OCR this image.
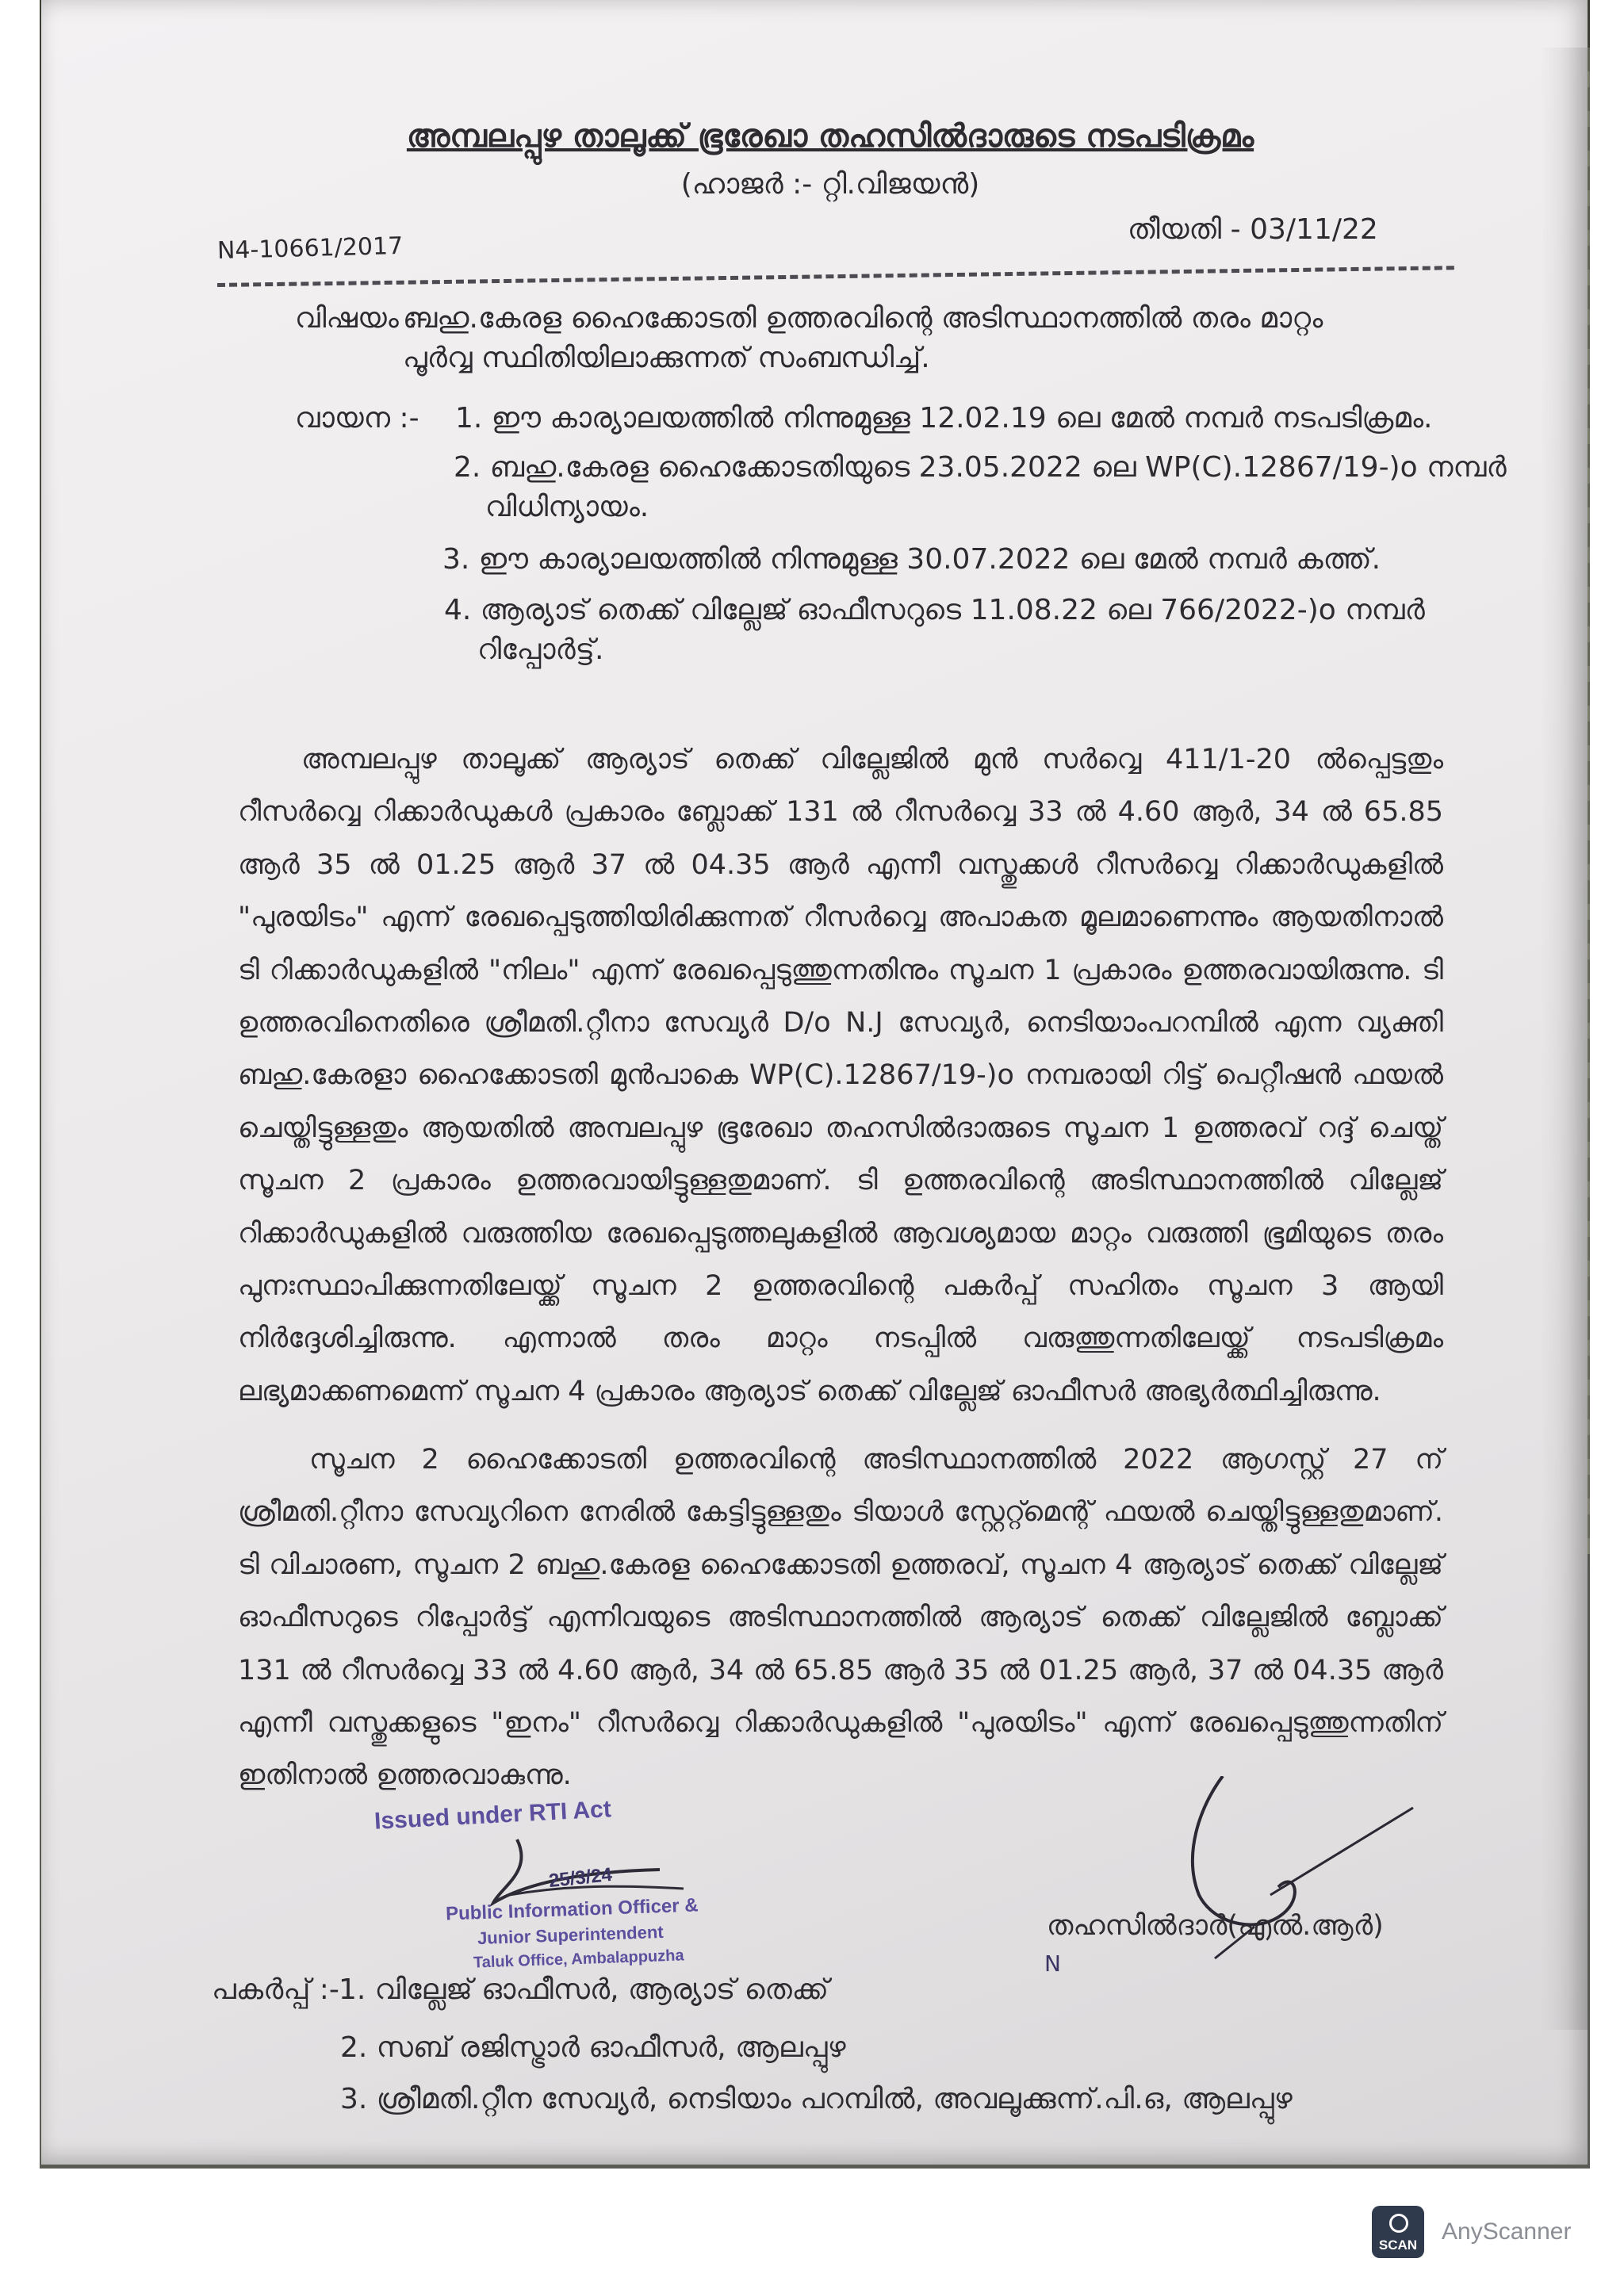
അമ്പലപ്പുഴ താലൂക്ക് ഭൂരേഖാ തഹസിൽദാരുടെ നടപടിക്രമം

(ഹാജർ :- റ്റി.വിജയൻ)

തീയതി - 03/11/22

N4-10661/2017

വിഷയം :-

ബഹു.കേരള ഹൈക്കോടതി ഉത്തരവിന്റെ അടിസ്ഥാനത്തിൽ തരം മാറ്റം

പൂർവ്വ സ്ഥിതിയിലാക്കുന്നത് സംബന്ധിച്ച്.

വായന :- 1. ഈ കാര്യാലയത്തിൽ നിന്നുമുള്ള 12.02.19 ലെ മേൽ നമ്പർ നടപടിക്രമം.

2. ബഹു.കേരള ഹൈക്കോടതിയുടെ 23.05.2022 ലെ WP(C).12867/19-)o നമ്പർ

വിധിന്യായം.

3. ഈ കാര്യാലയത്തിൽ നിന്നുമുള്ള 30.07.2022 ലെ മേൽ നമ്പർ കത്ത്.

4. ആര്യാട് തെക്ക് വില്ലേജ് ഓഫീസറുടെ 11.08.22 ലെ 766/2022-)o നമ്പർ

റിപ്പോർട്ട്.

അമ്പലപ്പുഴ താലൂക്ക് ആര്യാട് തെക്ക് വില്ലേജിൽ മുൻ സർവ്വെ 411/1-20 ൽപ്പെട്ടതും റീസർവ്വെ റിക്കാർഡുകൾ പ്രകാരം ബ്ലോക്ക് 131 ൽ റീസർവ്വെ 33 ൽ 4.60 ആർ, 34 ൽ 65.85 ആർ 35 ൽ 01.25 ആർ 37 ൽ 04.35 ആർ എന്നീ വസ്തുക്കൾ റീസർവ്വെ റിക്കാർഡുകളിൽ "പുരയിടം" എന്ന് രേഖപ്പെടുത്തിയിരിക്കുന്നത് റീസർവ്വെ അപാകത മൂലമാണെന്നും ആയതിനാൽ ടി റിക്കാർഡുകളിൽ "നിലം" എന്ന് രേഖപ്പെടുത്തുന്നതിനും സൂചന 1 പ്രകാരം ഉത്തരവായിരുന്നു. ടി ഉത്തരവിനെതിരെ ശ്രീമതി.റ്റീനാ സേവ്യർ D/o N.J സേവ്യർ, നെടിയാംപറമ്പിൽ എന്ന വ്യക്തി ബഹു.കേരളാ ഹൈക്കോടതി മുൻപാകെ WP(C).12867/19-)o നമ്പരായി റിട്ട് പെറ്റീഷൻ ഫയൽ ചെയ്തിട്ടുള്ളതും ആയതിൽ അമ്പലപ്പുഴ ഭൂരേഖാ തഹസിൽദാരുടെ സൂചന 1 ഉത്തരവ് റദ്ദ് ചെയ്ത് സൂചന 2 പ്രകാരം ഉത്തരവായിട്ടുള്ളതുമാണ്. ടി ഉത്തരവിന്റെ അടിസ്ഥാനത്തിൽ വില്ലേജ് റിക്കാർഡുകളിൽ വരുത്തിയ രേഖപ്പെടുത്തലുകളിൽ ആവശ്യമായ മാറ്റം വരുത്തി ഭൂമിയുടെ തരം പുനഃസ്ഥാപിക്കുന്നതിലേയ്ക്ക് സൂചന 2 ഉത്തരവിന്റെ പകർപ്പ് സഹിതം സൂചന 3 ആയി നിർദ്ദേശിച്ചിരുന്നു. എന്നാൽ തരം മാറ്റം നടപ്പിൽ വരുത്തുന്നതിലേയ്ക്ക് നടപടിക്രമം ലഭ്യമാക്കണമെന്ന് സൂചന 4 പ്രകാരം ആര്യാട് തെക്ക് വില്ലേജ് ഓഫീസർ അഭ്യർത്ഥിച്ചിരുന്നു.

സൂചന 2 ഹൈക്കോടതി ഉത്തരവിന്റെ അടിസ്ഥാനത്തിൽ 2022 ആഗസ്റ്റ് 27 ന് ശ്രീമതി.റ്റീനാ സേവ്യറിനെ നേരിൽ കേട്ടിട്ടുള്ളതും ടിയാൾ സ്റ്റേറ്റ്മെന്റ് ഫയൽ ചെയ്തിട്ടുള്ളതുമാണ്. ടി വിചാരണ, സൂചന 2 ബഹു.കേരള ഹൈക്കോടതി ഉത്തരവ്, സൂചന 4 ആര്യാട് തെക്ക് വില്ലേജ് ഓഫീസറുടെ റിപ്പോർട്ട് എന്നിവയുടെ അടിസ്ഥാനത്തിൽ ആര്യാട് തെക്ക് വില്ലേജിൽ ബ്ലോക്ക് 131 ൽ റീസർവ്വെ 33 ൽ 4.60 ആർ, 34 ൽ 65.85 ആർ 35 ൽ 01.25 ആർ, 37 ൽ 04.35 ആർ എന്നീ വസ്തുക്കളുടെ "ഇനം" റീസർവ്വെ റിക്കാർഡുകളിൽ "പുരയിടം" എന്ന് രേഖപ്പെടുത്തുന്നതിന് ഇതിനാൽ ഉത്തരവാകുന്നു.

Issued under RTI Act

25/3/24

Public Information Officer &

Junior Superintendent

Taluk Office, Ambalappuzha

തഹസിൽദാർ(എൽ.ആർ)

N

പകർപ്പ് :- 1. വില്ലേജ് ഓഫീസർ, ആര്യാട് തെക്ക്

2. സബ് രജിസ്ട്രാർ ഓഫീസർ, ആലപ്പുഴ

3. ശ്രീമതി.റ്റീന സേവ്യർ, നെടിയാം പറമ്പിൽ, അവലൂക്കുന്ന്.പി.ഒ, ആലപ്പുഴ

SCAN
AnyScanner
